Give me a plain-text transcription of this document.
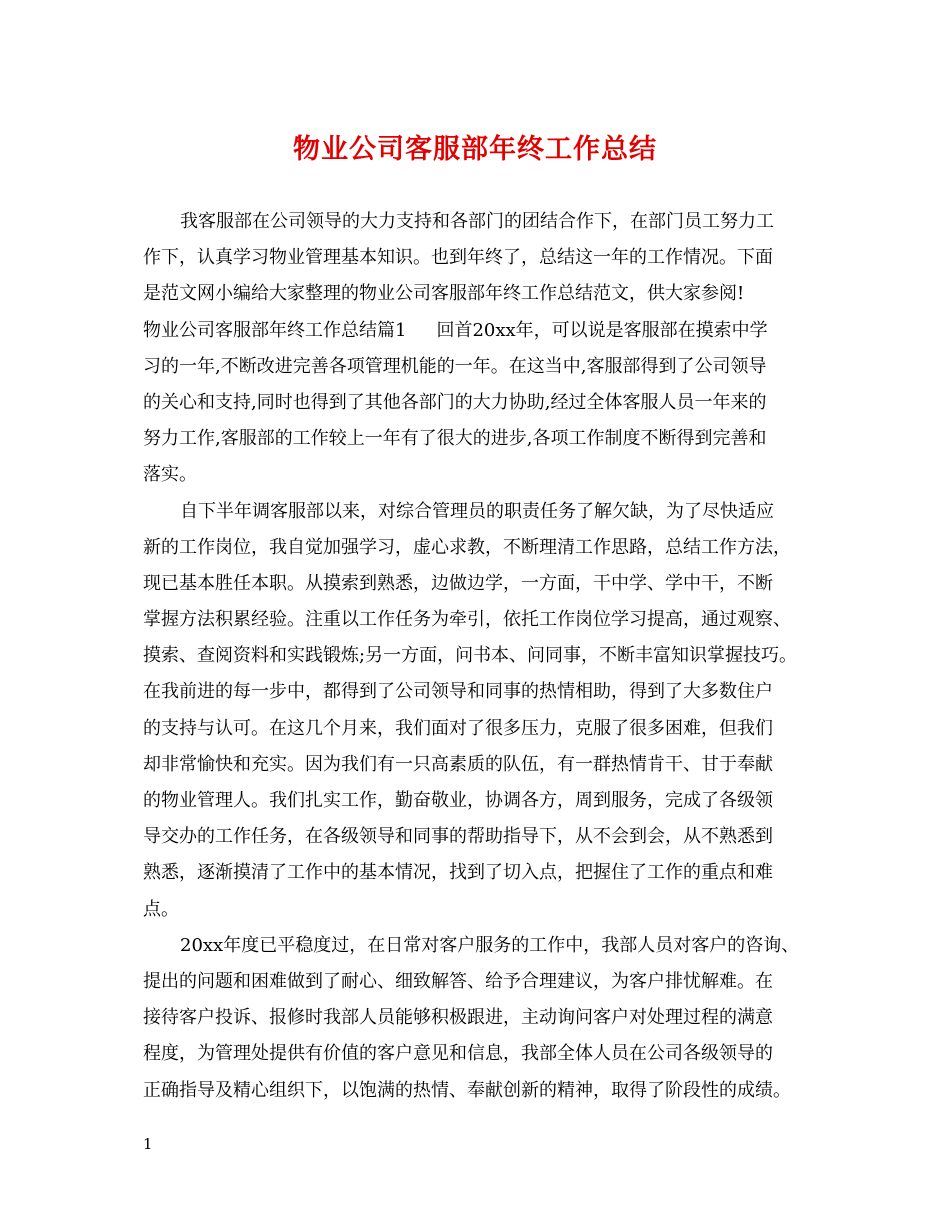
物业公司客服部年终工作总结
我客服部在公司领导的大力支持和各部门的团结合作下，在部门员工努力工
作下，认真学习物业管理基本知识。也到年终了，总结这一年的工作情况。下面
是范文网小编给大家整理的物业公司客服部年终工作总结范文，供大家参阅!
物业公司客服部年终工作总结篇1 回首20xx年，可以说是客服部在摸索中学
习的一年,不断改进完善各项管理机能的一年。在这当中,客服部得到了公司领导
的关心和支持,同时也得到了其他各部门的大力协助,经过全体客服人员一年来的
努力工作,客服部的工作较上一年有了很大的进步,各项工作制度不断得到完善和
落实。
自下半年调客服部以来，对综合管理员的职责任务了解欠缺，为了尽快适应
新的工作岗位，我自觉加强学习，虚心求教，不断理清工作思路，总结工作方法，
现已基本胜任本职。从摸索到熟悉，边做边学，一方面，干中学、学中干，不断
掌握方法积累经验。注重以工作任务为牵引，依托工作岗位学习提高，通过观察、
摸索、查阅资料和实践锻炼;另一方面，问书本、问同事，不断丰富知识掌握技巧。
在我前进的每一步中，都得到了公司领导和同事的热情相助，得到了大多数住户
的支持与认可。在这几个月来，我们面对了很多压力，克服了很多困难，但我们
却非常愉快和充实。因为我们有一只高素质的队伍，有一群热情肯干、甘于奉献
的物业管理人。我们扎实工作，勤奋敬业，协调各方，周到服务，完成了各级领
导交办的工作任务，在各级领导和同事的帮助指导下，从不会到会，从不熟悉到
熟悉，逐渐摸清了工作中的基本情况，找到了切入点，把握住了工作的重点和难
点。
20xx年度已平稳度过，在日常对客户服务的工作中，我部人员对客户的咨询、
提出的问题和困难做到了耐心、细致解答、给予合理建议，为客户排忧解难。在
接待客户投诉、报修时我部人员能够积极跟进，主动询问客户对处理过程的满意
程度，为管理处提供有价值的客户意见和信息，我部全体人员在公司各级领导的
正确指导及精心组织下，以饱满的热情、奉献创新的精神，取得了阶段性的成绩。
1
